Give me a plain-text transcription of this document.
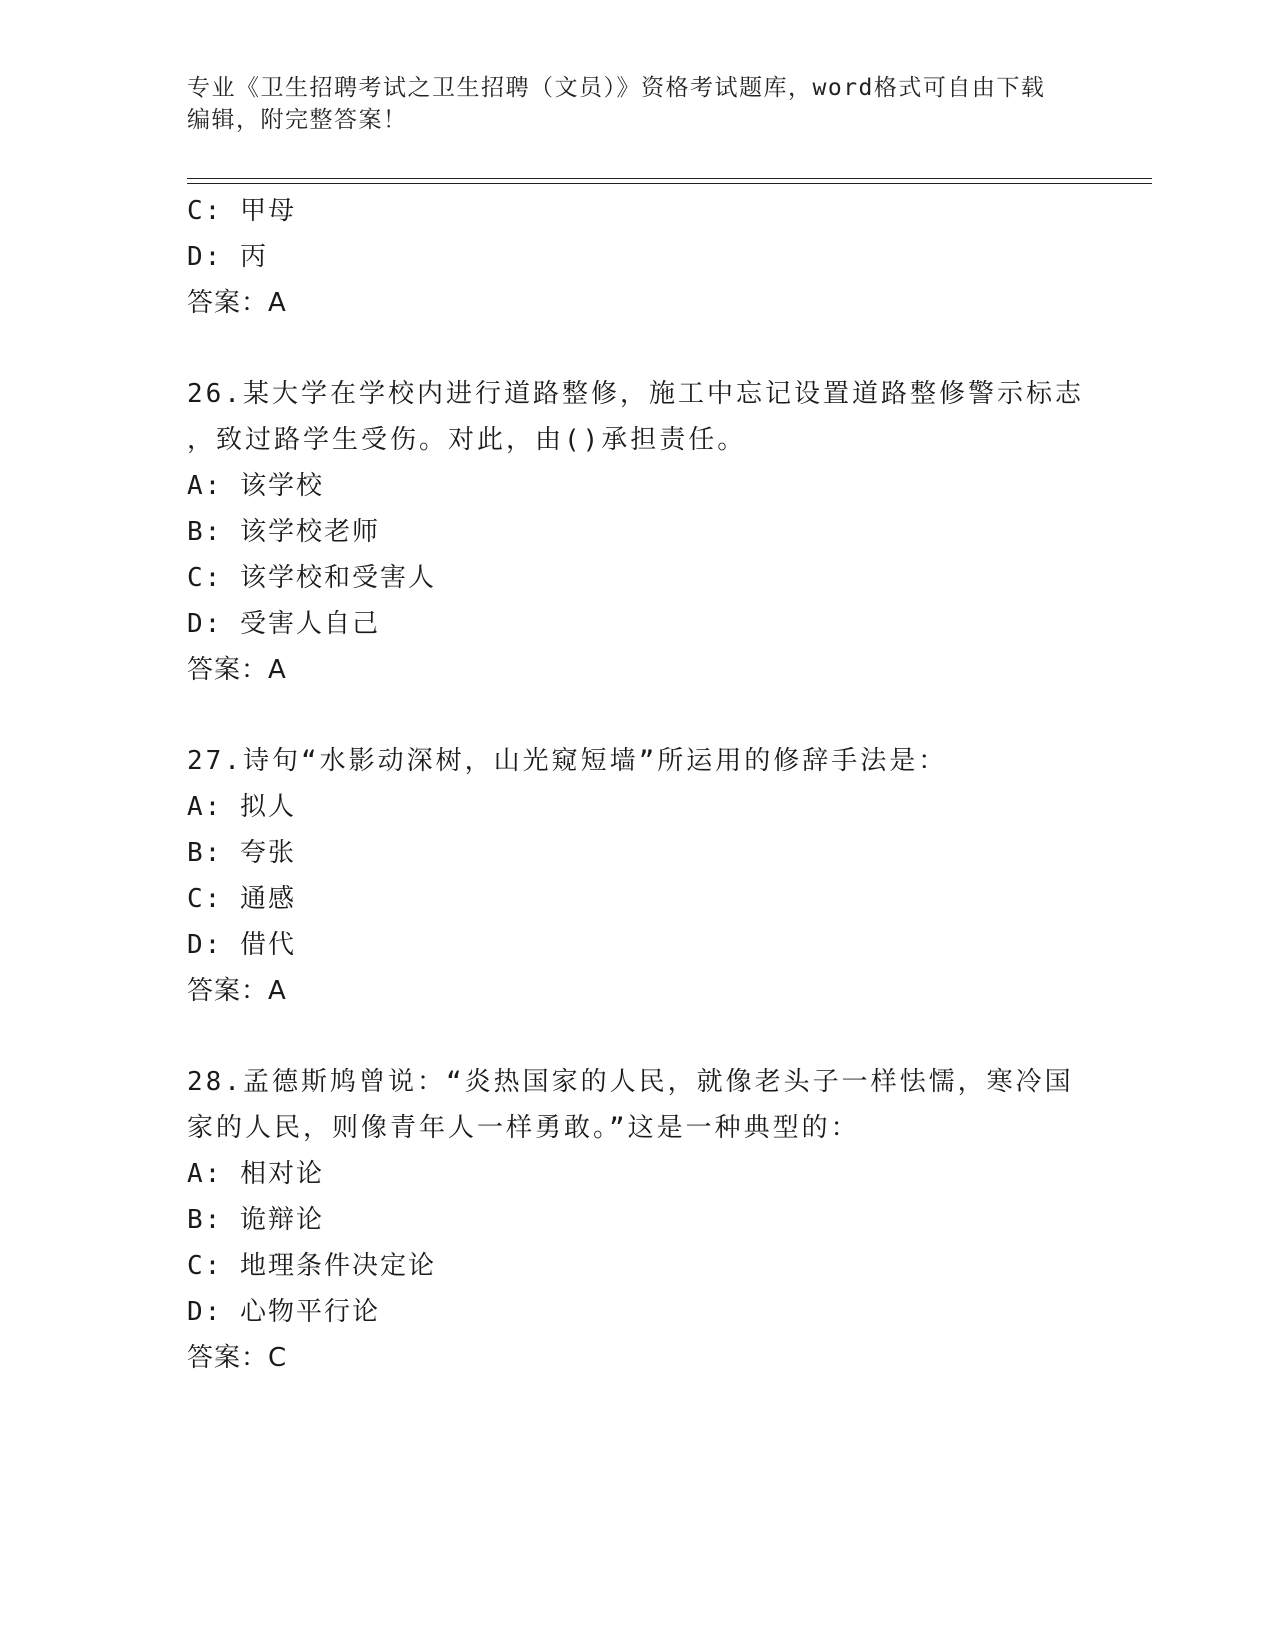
专业《卫生招聘考试之卫生招聘（文员）》资格考试题库，word格式可自由下载
编辑，附完整答案！
C: 甲母
D: 丙
答案：A
26.某大学在学校内进行道路整修，施工中忘记设置道路整修警示标志
，致过路学生受伤。对此，由()承担责任。
A: 该学校
B: 该学校老师
C: 该学校和受害人
D: 受害人自己
答案：A
27.诗句“水影动深树，山光窥短墙”所运用的修辞手法是：
A: 拟人
B: 夸张
C: 通感
D: 借代
答案：A
28.孟德斯鸠曾说：“炎热国家的人民，就像老头子一样怯懦，寒冷国
家的人民，则像青年人一样勇敢。”这是一种典型的：
A: 相对论
B: 诡辩论
C: 地理条件决定论
D: 心物平行论
答案：C
